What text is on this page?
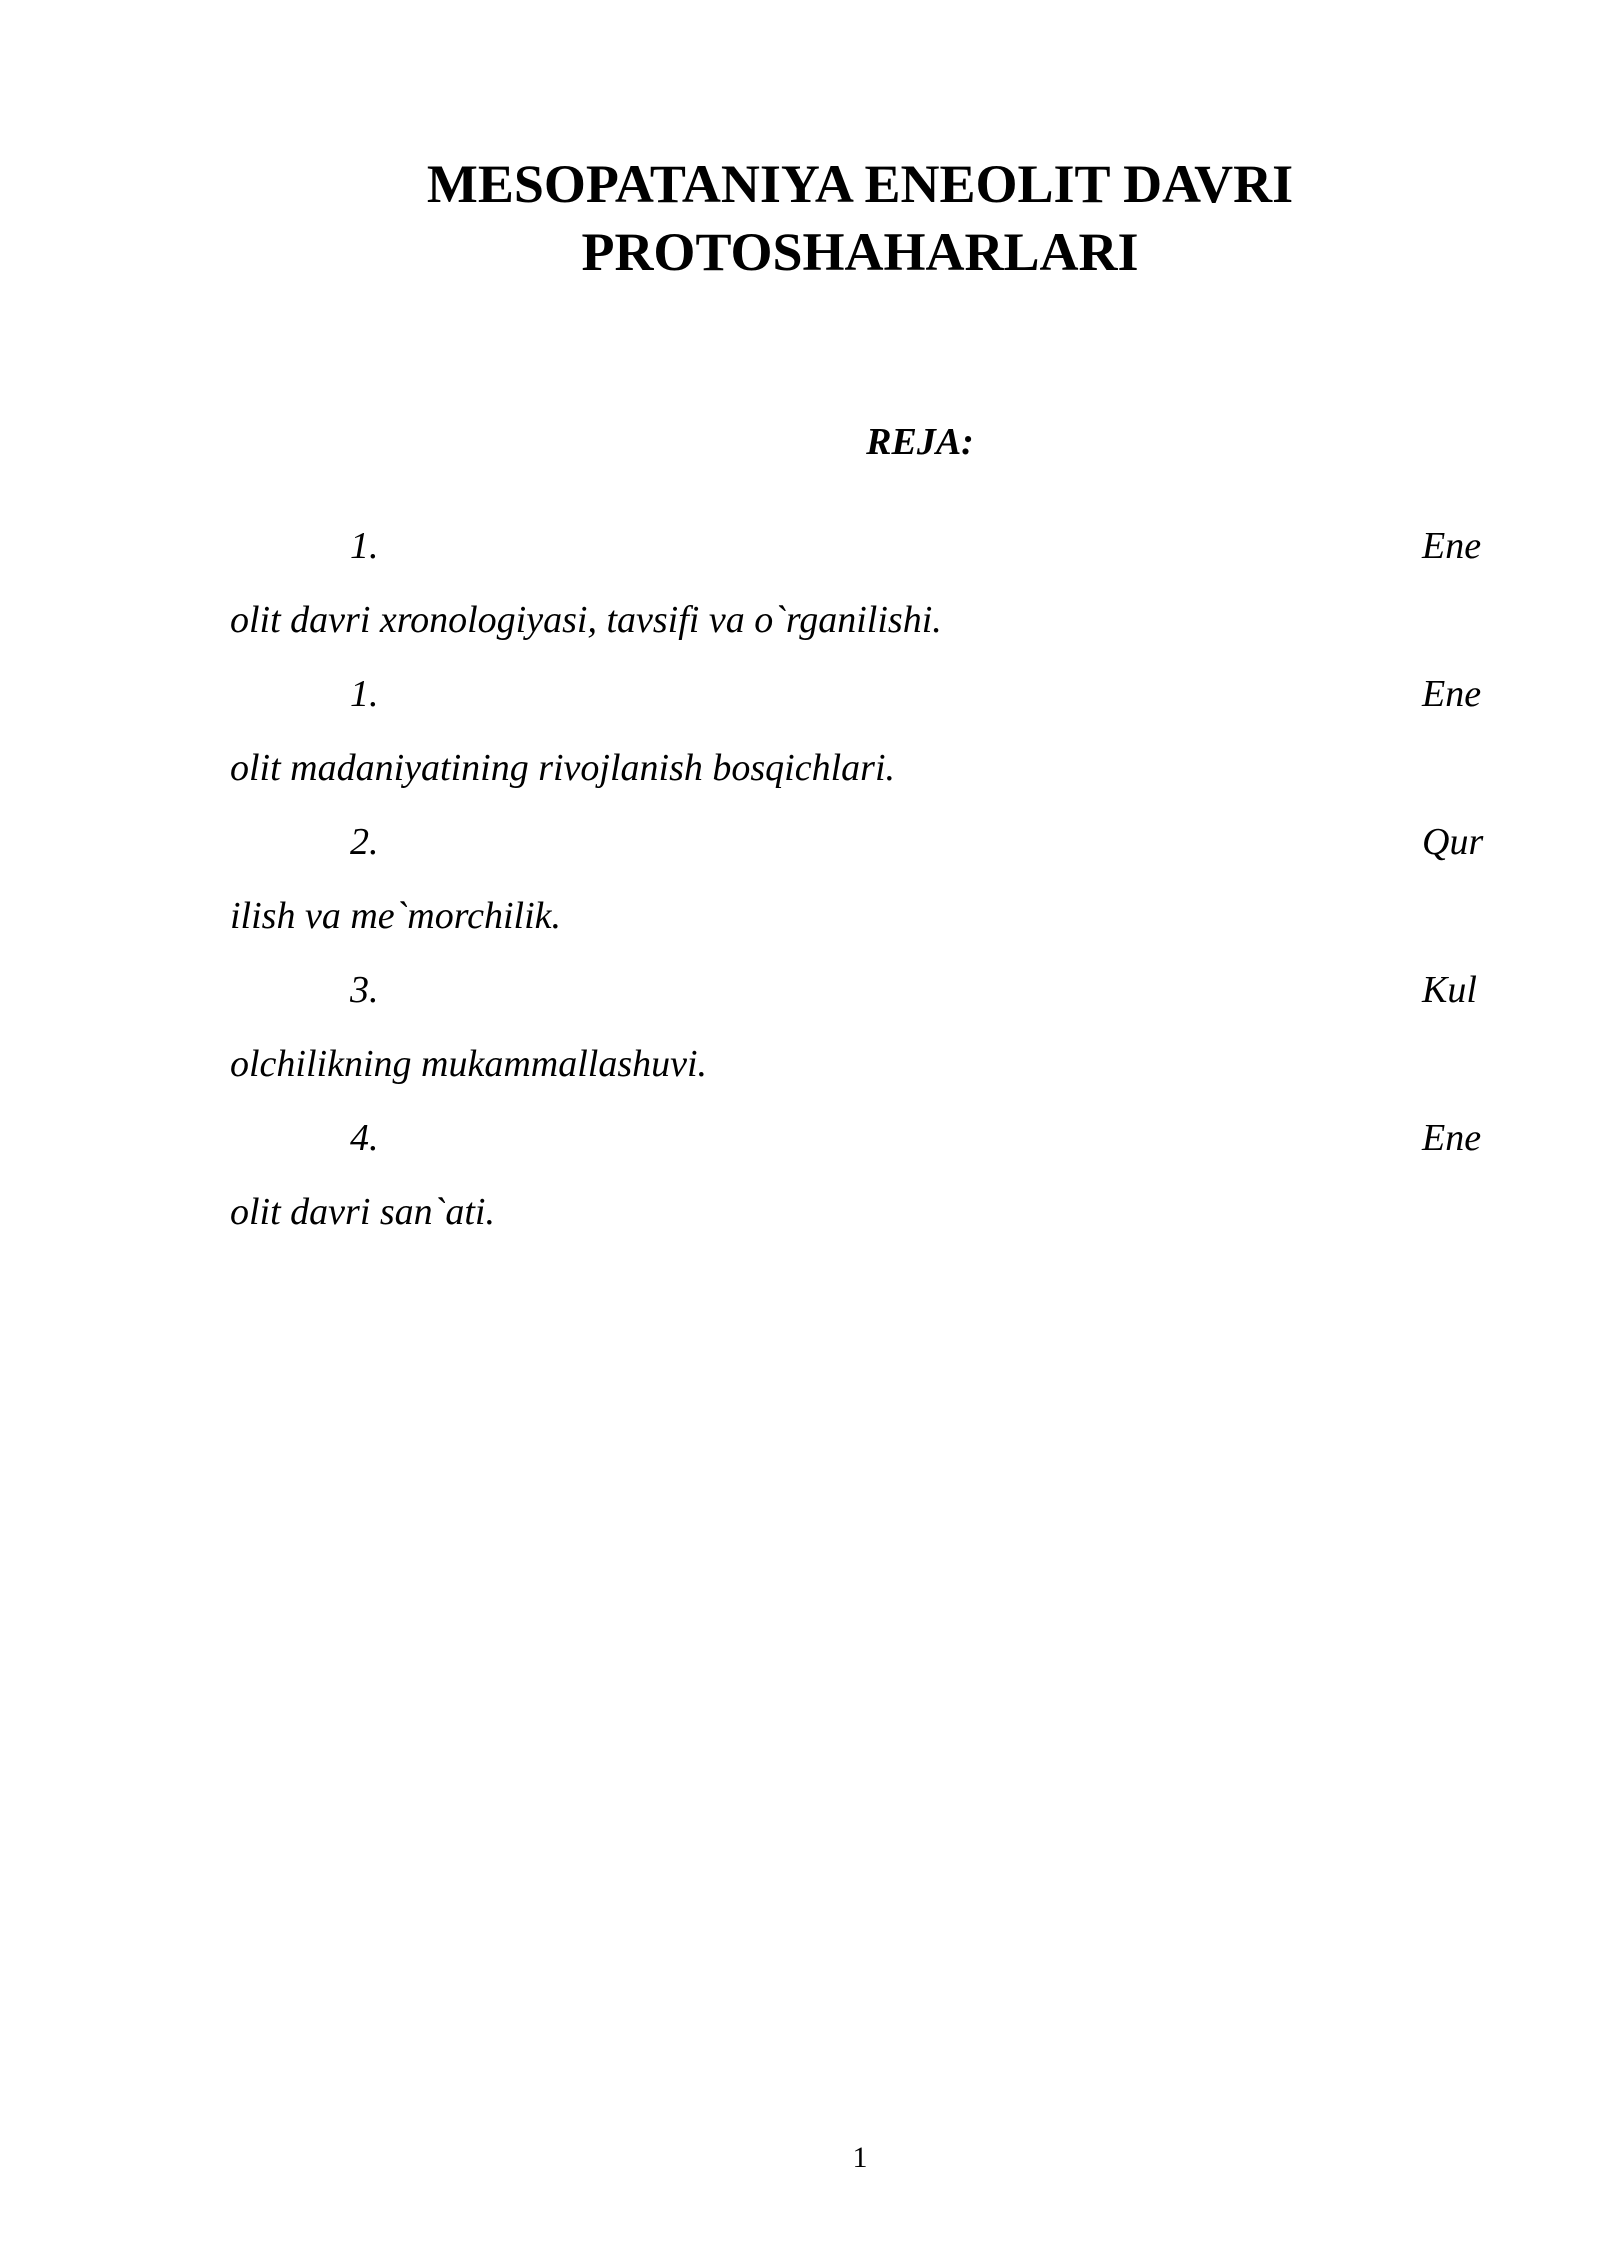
MESOPATANIYA ENEOLIT DAVRI
PROTOSHAHARLARI
REJA:
1.	Ene
olit davri xronologiyasi, tavsifi va o`rganilishi.
1.	Ene
olit madaniyatining rivojlanish bosqichlari.
2.	Qur
ilish va me`morchilik.
3.	Kul
olchilikning mukammallashuvi.
4.	Ene
olit davri san`ati.
1
